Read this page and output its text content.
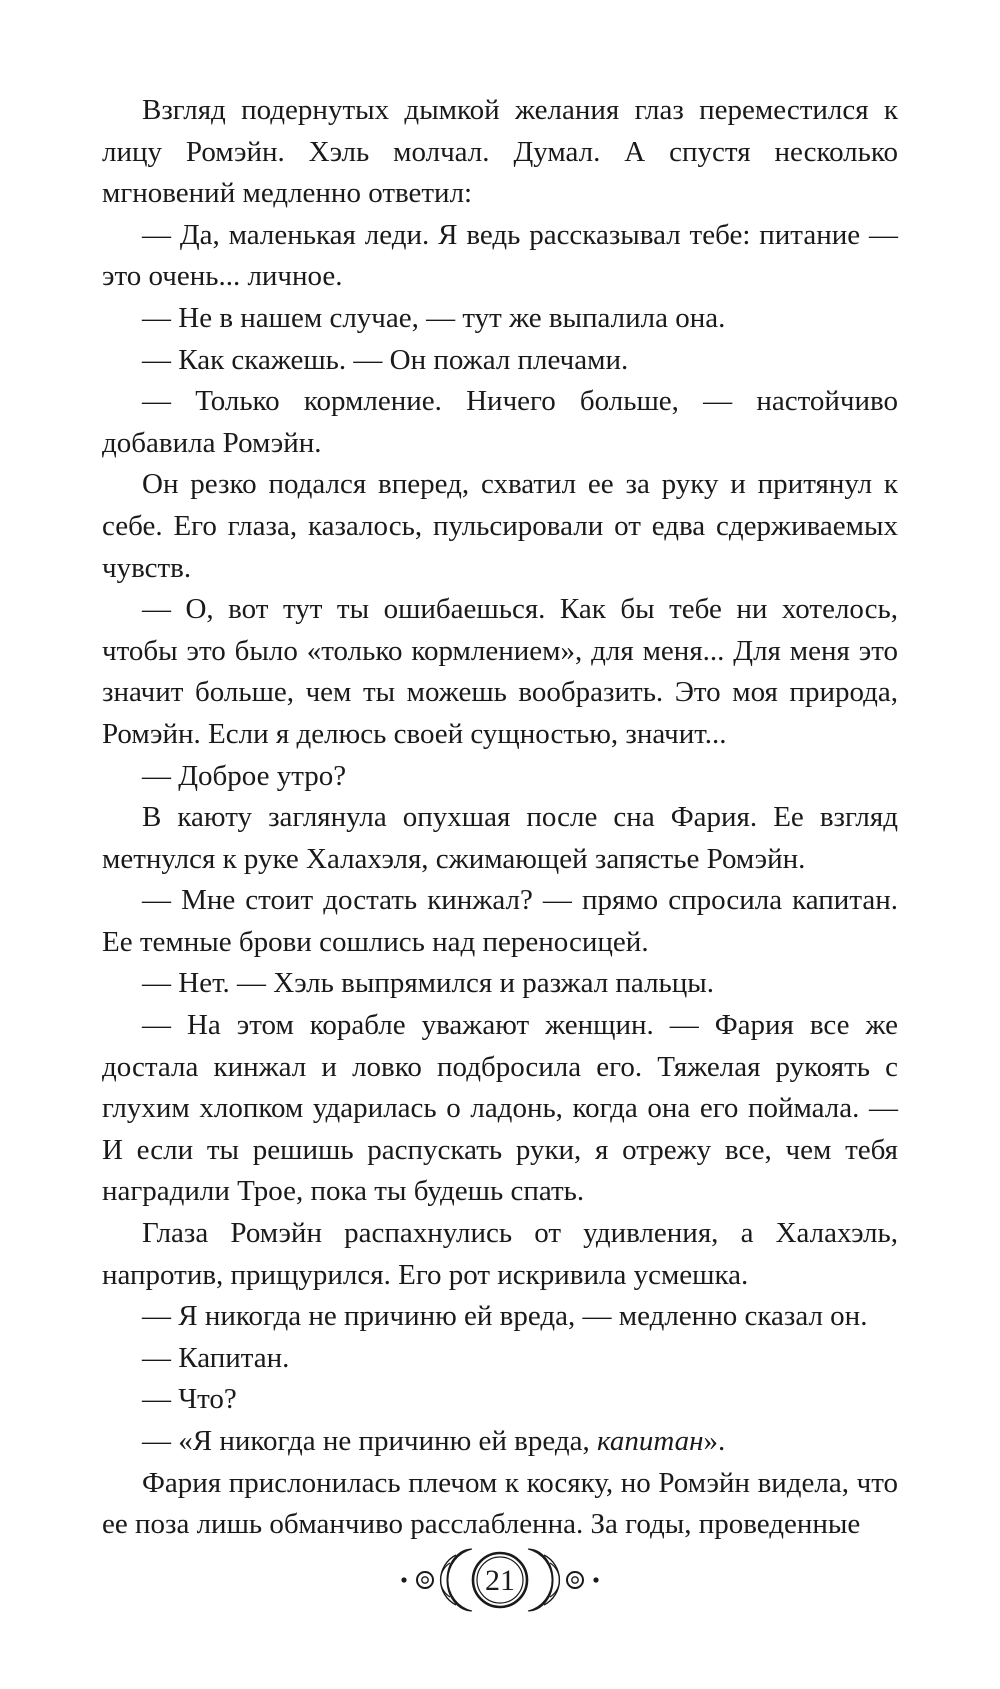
Взгляд подернутых дымкой желания глаз переместился к лицу Ромэйн. Хэль молчал. Думал. А спустя несколько мгновений медленно ответил:

— Да, маленькая леди. Я ведь рассказывал тебе: питание — это очень... личное.

— Не в нашем случае, — тут же выпалила она.

— Как скажешь. — Он пожал плечами.

— Только кормление. Ничего больше, — настойчиво добавила Ромэйн.

Он резко подался вперед, схватил ее за руку и притянул к себе. Его глаза, казалось, пульсировали от едва сдерживаемых чувств.

— О, вот тут ты ошибаешься. Как бы тебе ни хотелось, чтобы это было «только кормлением», для меня... Для меня это значит больше, чем ты можешь вообразить. Это моя природа, Ромэйн. Если я делюсь своей сущностью, значит...

— Доброе утро?

В каюту заглянула опухшая после сна Фария. Ее взгляд метнулся к руке Халахэля, сжимающей запястье Ромэйн.

— Мне стоит достать кинжал? — прямо спросила капитан. Ее темные брови сошлись над переносицей.

— Нет. — Хэль выпрямился и разжал пальцы.

— На этом корабле уважают женщин. — Фария все же достала кинжал и ловко подбросила его. Тяжелая рукоять с глухим хлопком ударилась о ладонь, когда она его поймала. — И если ты решишь распускать руки, я отрежу все, чем тебя наградили Трое, пока ты будешь спать.

Глаза Ромэйн распахнулись от удивления, а Халахэль, напротив, прищурился. Его рот искривила усмешка.

— Я никогда не причиню ей вреда, — медленно сказал он.

— Капитан.

— Что?

— «Я никогда не причиню ей вреда, капитан».

Фария прислонилась плечом к косяку, но Ромэйн видела, что ее поза лишь обманчиво расслабленна. За годы, проведенные

21
